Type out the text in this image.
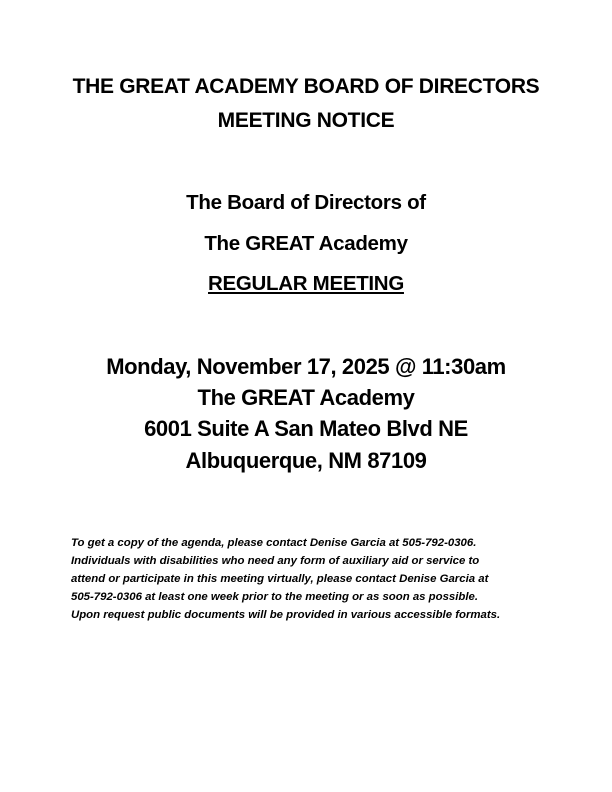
THE GREAT ACADEMY BOARD OF DIRECTORS
MEETING NOTICE
The Board of Directors of
The GREAT Academy
REGULAR MEETING
Monday, November 17, 2025 @ 11:30am
The GREAT Academy
6001 Suite A San Mateo Blvd NE
Albuquerque, NM 87109
To get a copy of the agenda, please contact Denise Garcia at 505-792-0306.
Individuals with disabilities who need any form of auxiliary aid or service to
attend or participate in this meeting virtually, please contact Denise Garcia at
505-792-0306 at least one week prior to the meeting or as soon as possible.
Upon request public documents will be provided in various accessible formats.
